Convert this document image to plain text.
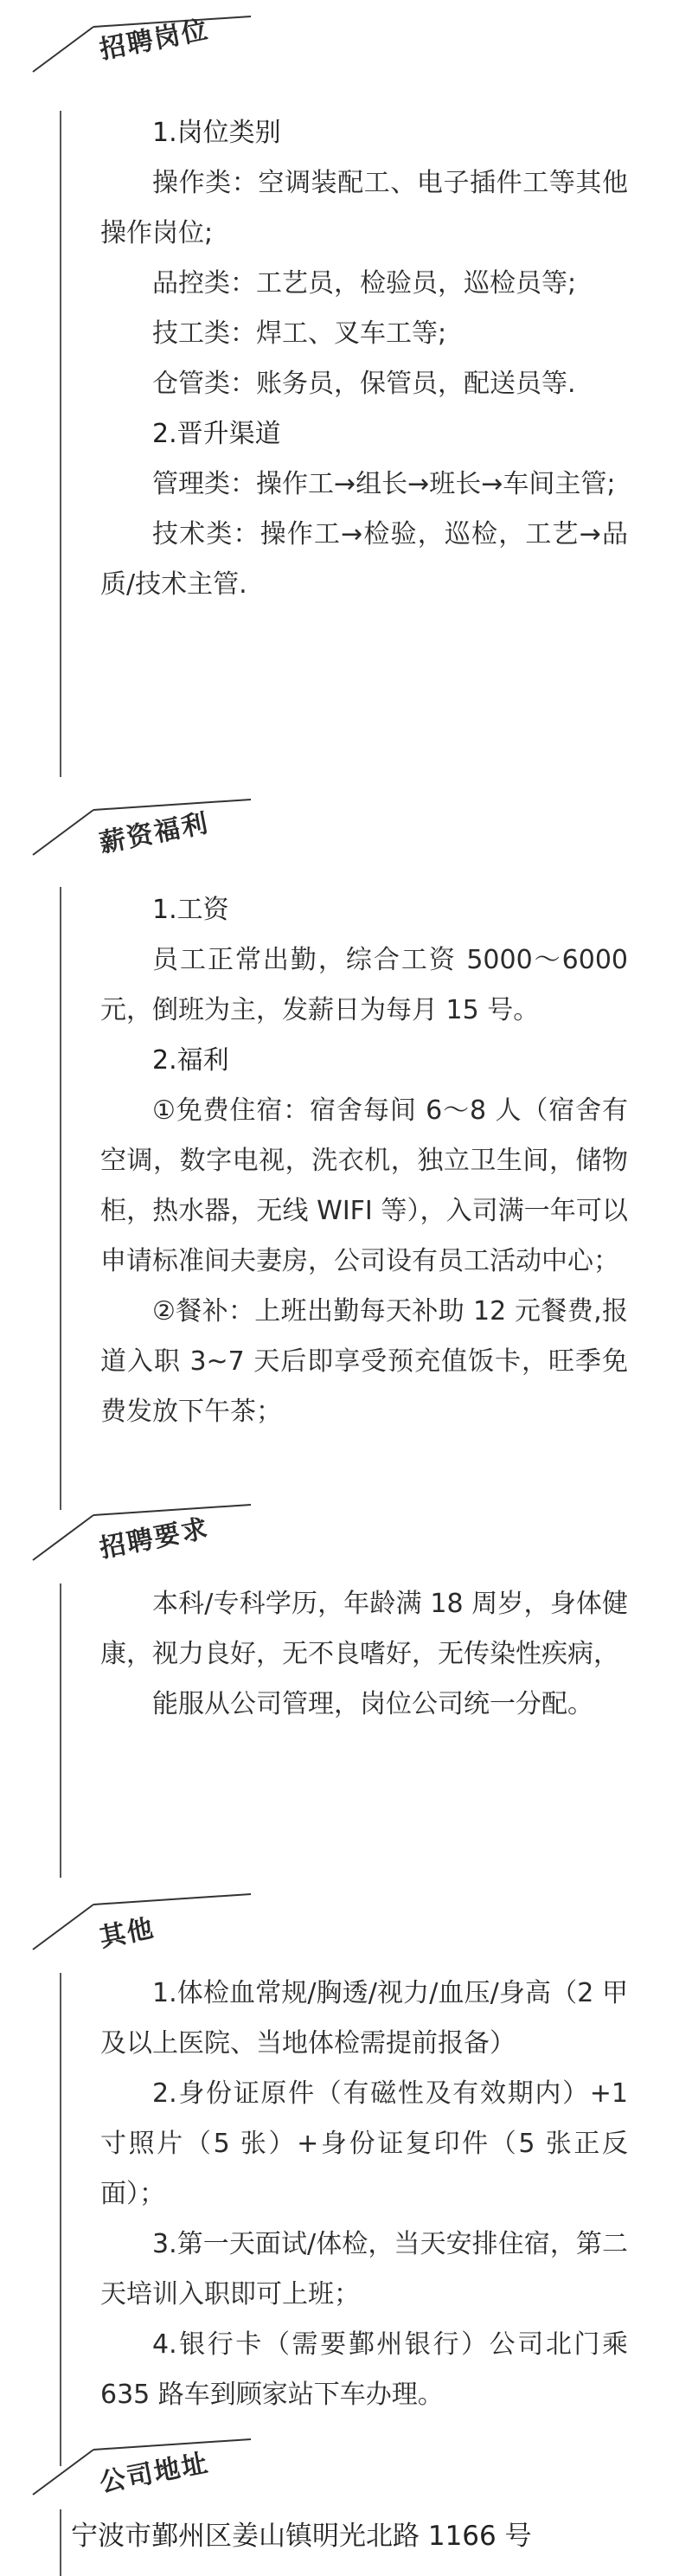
招聘岗位

1.岗位类别

操作类：空调装配工、电子插件工等其他操作岗位;

品控类：工艺员，检验员，巡检员等;

技工类：焊工、叉车工等;

仓管类：账务员，保管员，配送员等.

2.晋升渠道

管理类：操作工→组长→班长→车间主管;

技术类：操作工→检验，巡检，工艺→品质/技术主管.

薪资福利

1.工资

员工正常出勤，综合工资 5000～6000 元，倒班为主，发薪日为每月 15 号。

2.福利

①免费住宿：宿舍每间 6～8 人（宿舍有空调，数字电视，洗衣机，独立卫生间，储物柜，热水器，无线 WIFI 等），入司满一年可以申请标准间夫妻房，公司设有员工活动中心；

②餐补：上班出勤每天补助 12 元餐费,报道入职 3~7 天后即享受预充值饭卡，旺季免费发放下午茶；

招聘要求

本科/专科学历，年龄满 18 周岁，身体健康，视力良好，无不良嗜好，无传染性疾病，

能服从公司管理，岗位公司统一分配。

其他

1.体检血常规/胸透/视力/血压/身高（2 甲及以上医院、当地体检需提前报备）

2.身份证原件（有磁性及有效期内）+1 寸照片（5 张）+身份证复印件（5 张正反面）；

3.第一天面试/体检，当天安排住宿，第二天培训入职即可上班；

4.银行卡（需要鄞州银行）公司北门乘 635 路车到顾家站下车办理。

公司地址
宁波市鄞州区姜山镇明光北路 1166 号
